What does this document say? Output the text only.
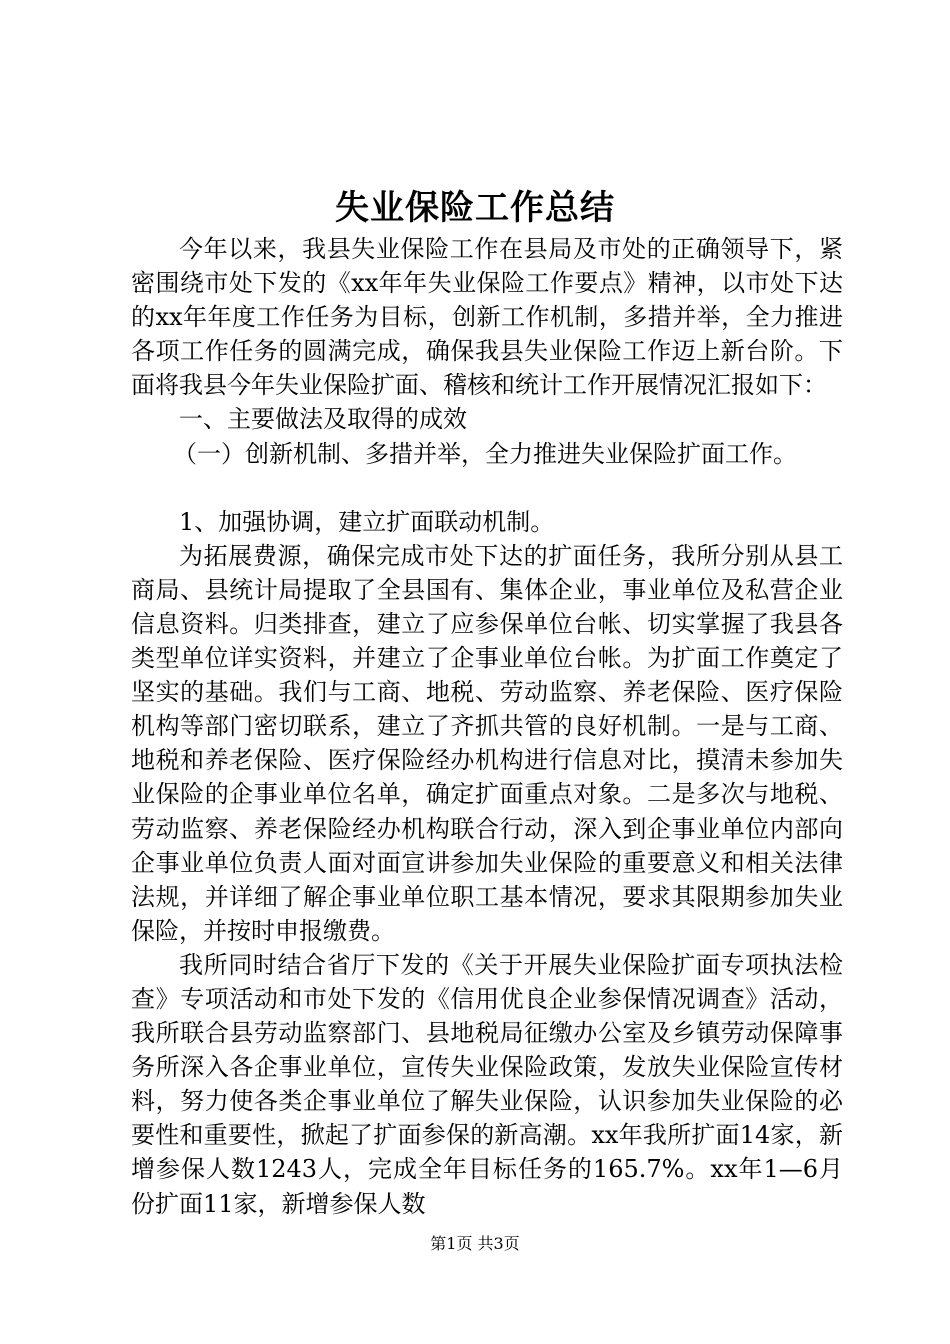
失业保险工作总结

今年以来，我县失业保险工作在县局及市处的正确领导下，紧密围绕市处下发的《xx年年失业保险工作要点》精神，以市处下达的xx年年度工作任务为目标，创新工作机制，多措并举，全力推进各项工作任务的圆满完成，确保我县失业保险工作迈上新台阶。下面将我县今年失业保险扩面、稽核和统计工作开展情况汇报如下：

一、主要做法及取得的成效

（一）创新机制、多措并举，全力推进失业保险扩面工作。

1、加强协调，建立扩面联动机制。

为拓展费源，确保完成市处下达的扩面任务，我所分别从县工商局、县统计局提取了全县国有、集体企业，事业单位及私营企业信息资料。归类排查，建立了应参保单位台帐、切实掌握了我县各类型单位详实资料，并建立了企事业单位台帐。为扩面工作奠定了坚实的基础。我们与工商、地税、劳动监察、养老保险、医疗保险机构等部门密切联系，建立了齐抓共管的良好机制。一是与工商、地税和养老保险、医疗保险经办机构进行信息对比，摸清未参加失业保险的企事业单位名单，确定扩面重点对象。二是多次与地税、劳动监察、养老保险经办机构联合行动，深入到企事业单位内部向企事业单位负责人面对面宣讲参加失业保险的重要意义和相关法律法规，并详细了解企事业单位职工基本情况，要求其限期参加失业保险，并按时申报缴费。

我所同时结合省厅下发的《关于开展失业保险扩面专项执法检查》专项活动和市处下发的《信用优良企业参保情况调查》活动，我所联合县劳动监察部门、县地税局征缴办公室及乡镇劳动保障事务所深入各企事业单位，宣传失业保险政策，发放失业保险宣传材料，努力使各类企事业单位了解失业保险，认识参加失业保险的必要性和重要性，掀起了扩面参保的新高潮。xx年我所扩面14家，新增参保人数1243人，完成全年目标任务的165.7%。xx年1—6月份扩面11家，新增参保人数

第1页 共3页
